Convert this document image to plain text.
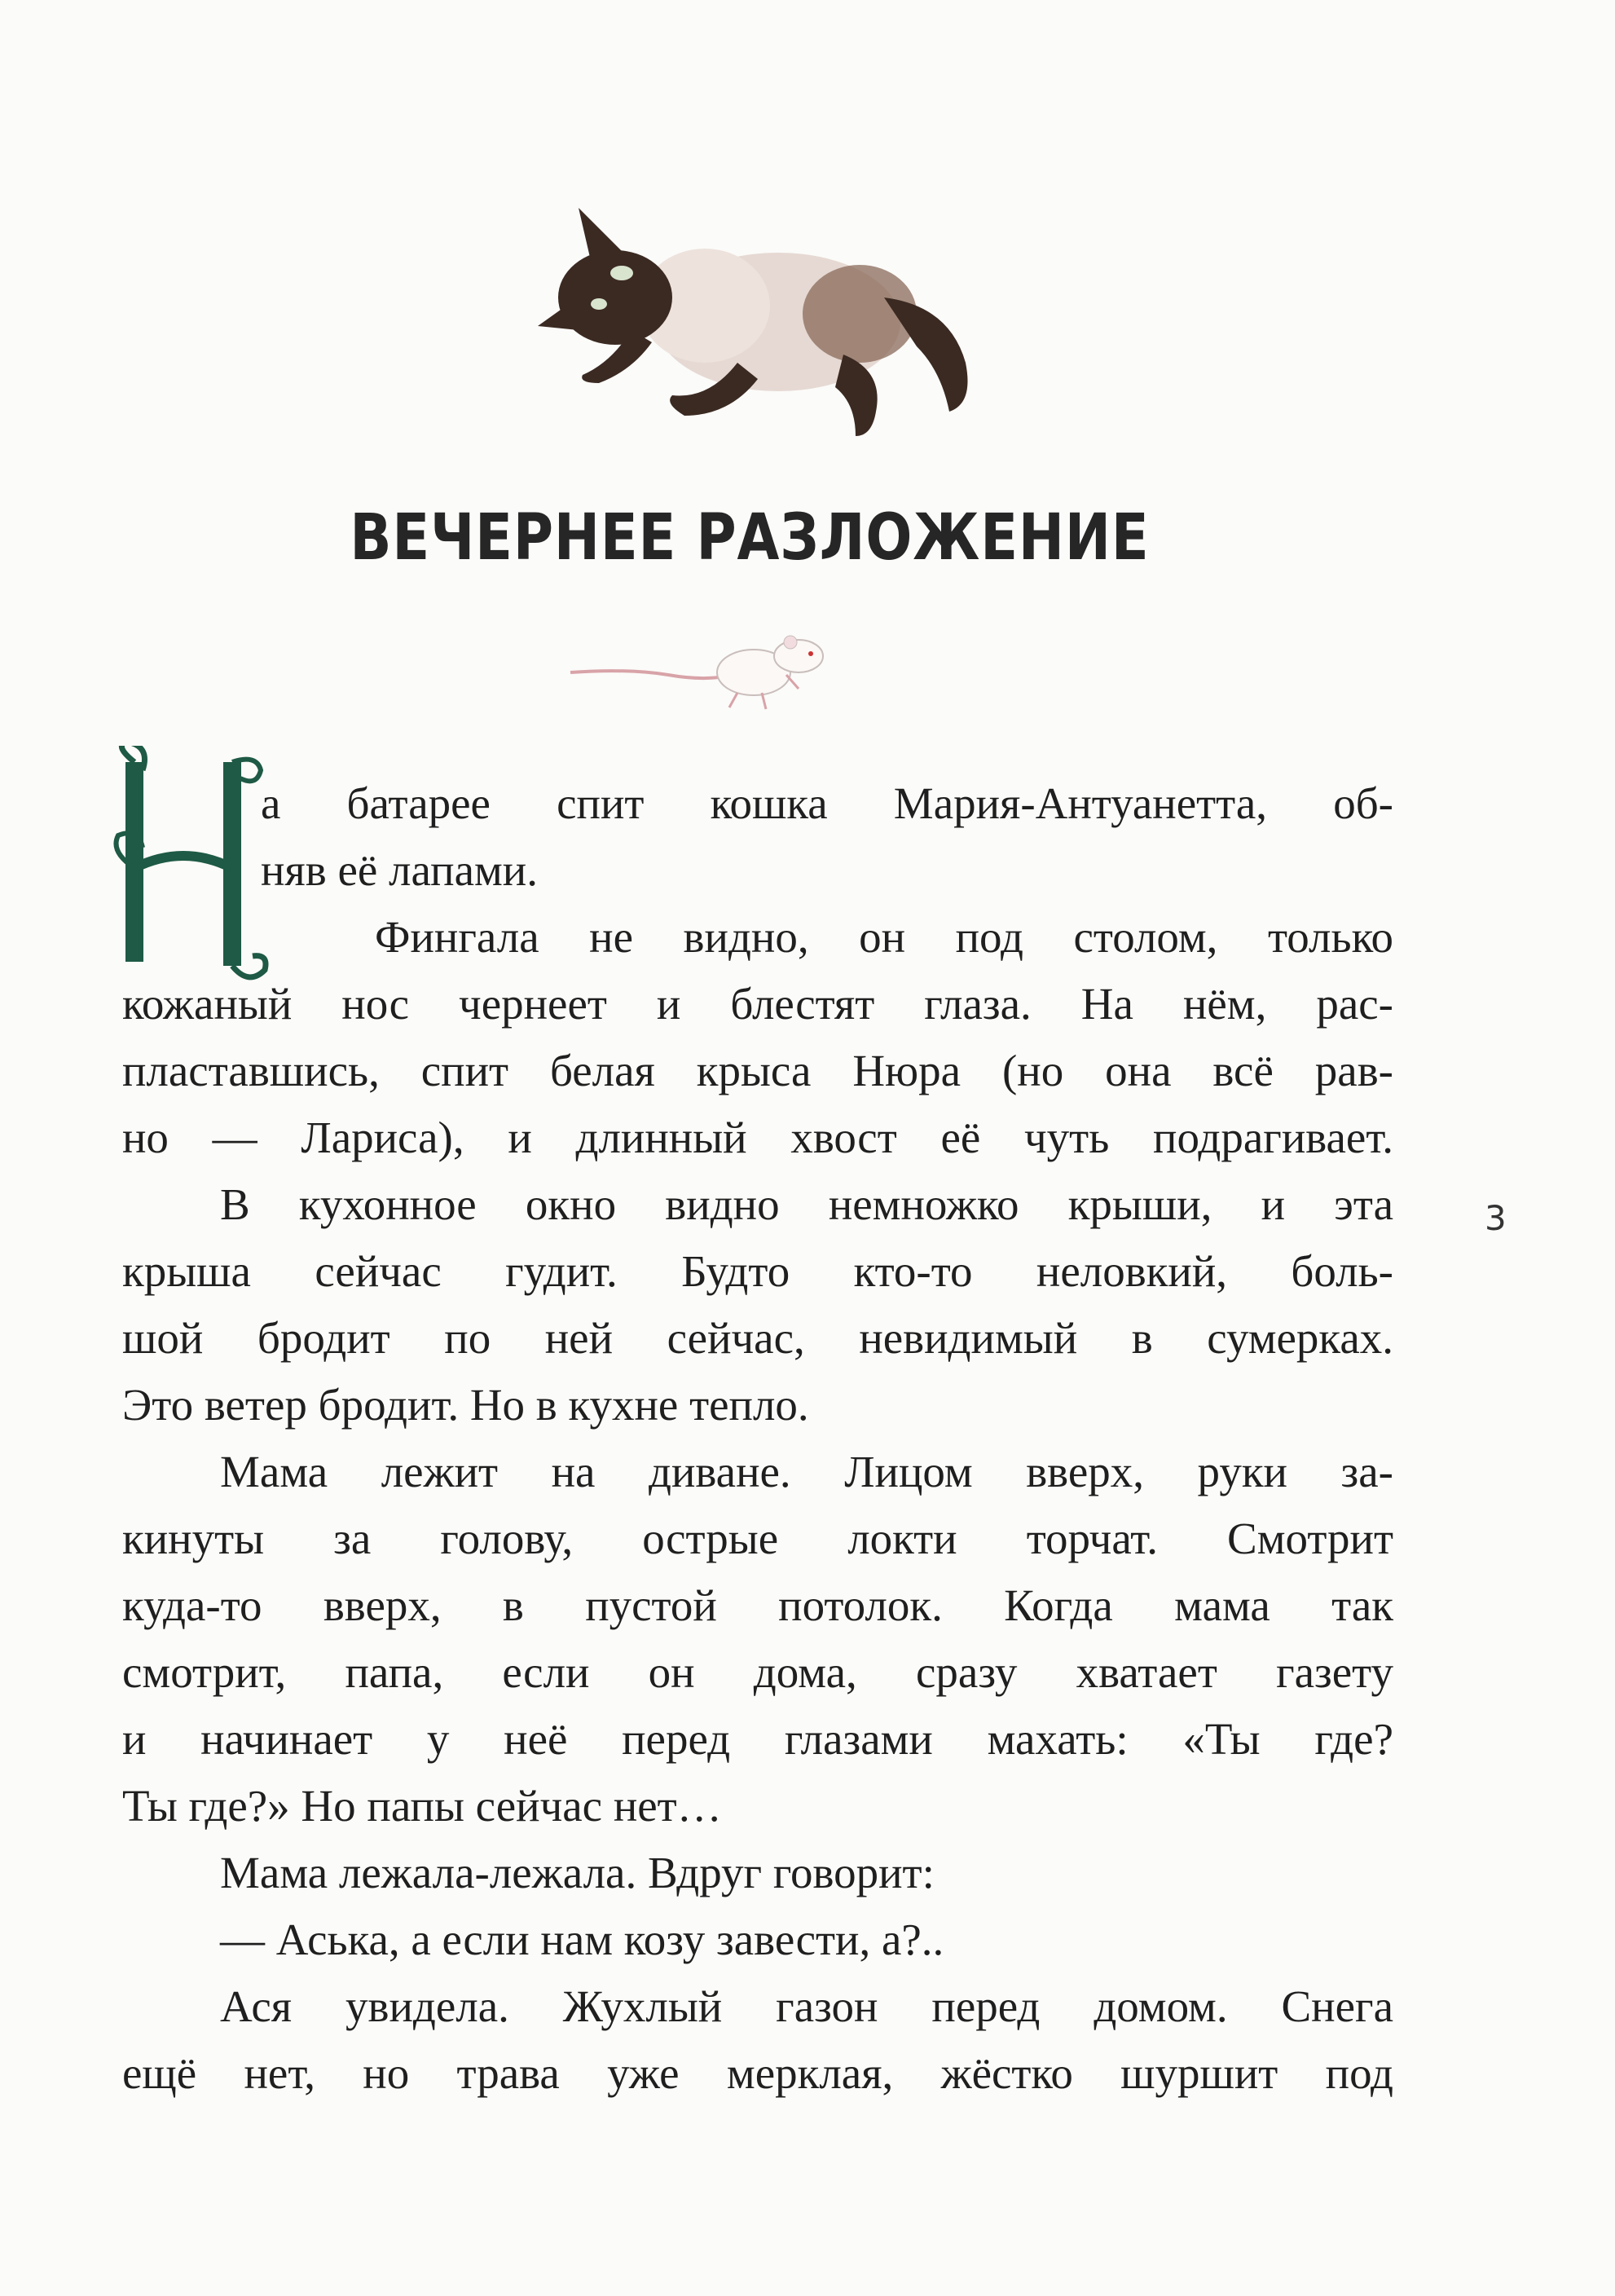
ВЕЧЕРНЕЕ РАЗЛОЖЕНИЕ
а батарее спит кошка Мария-Антуанетта, об-
няв её лапами.
Фингала не видно, он под столом, только
кожаный нос чернеет и блестят глаза. На нём, рас-
пластавшись, спит белая крыса Нюра (но она всё рав-
но — Лариса), и длинный хвост её чуть подрагивает.
В кухонное окно видно немножко крыши, и эта
крыша сейчас гудит. Будто кто-то неловкий, боль-
шой бродит по ней сейчас, невидимый в сумерках.
Это ветер бродит. Но в кухне тепло.
Мама лежит на диване. Лицом вверх, руки за-
кинуты за голову, острые локти торчат. Смотрит
куда-то вверх, в пустой потолок. Когда мама так
смотрит, папа, если он дома, сразу хватает газету
и начинает у неё перед глазами махать: «Ты где?
Ты где?» Но папы сейчас нет…
Мама лежала-лежала. Вдруг говорит:
— Аська, а если нам козу завести, а?..
Ася увидела. Жухлый газон перед домом. Снега
ещё нет, но трава уже мерклая, жёстко шуршит под
3
